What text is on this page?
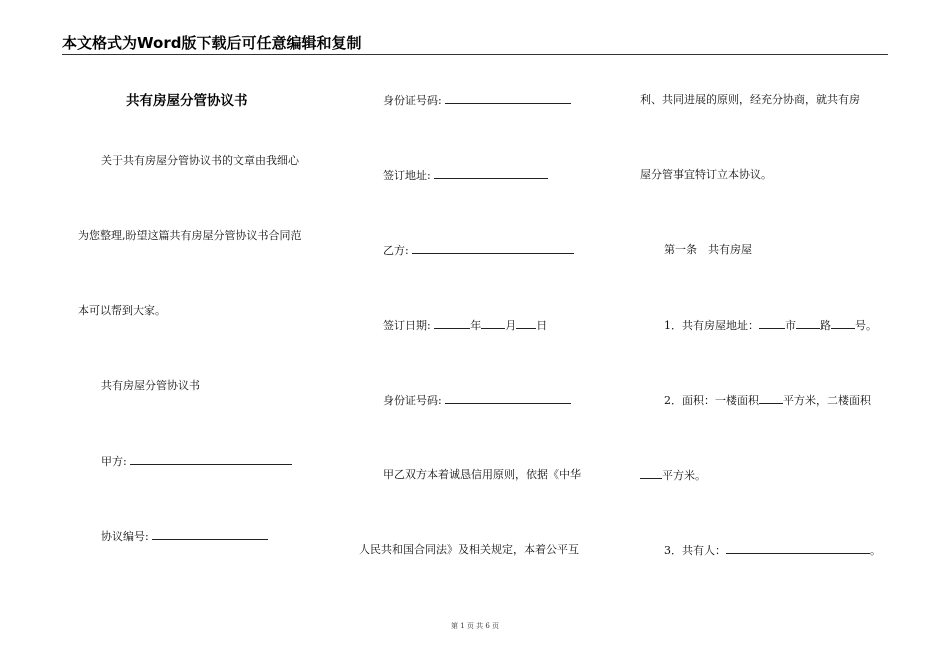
本文格式为Word版下载后可任意编辑和复制
共有房屋分管协议书
关于共有房屋分管协议书的文章由我细心
为您整理,盼望这篇共有房屋分管协议书合同范
本可以帮到大家。
共有房屋分管协议书
甲方:
协议编号:
身份证号码:
签订地址:
乙方:
签订日期:	年 月 日
身份证号码:
甲乙双方本着诚恳信用原则，依据《中华
人民共和国合同法》及相关规定，本着公平互
利、共同进展的原则，经充分协商，就共有房
屋分管事宜特订立本协议。
第一条　共有房屋
1．共有房屋地址： 市 路 号。
2．面积：一楼面积 平方米，二楼面积
平方米。
3．共有人：	。
第 1 页 共 6 页
